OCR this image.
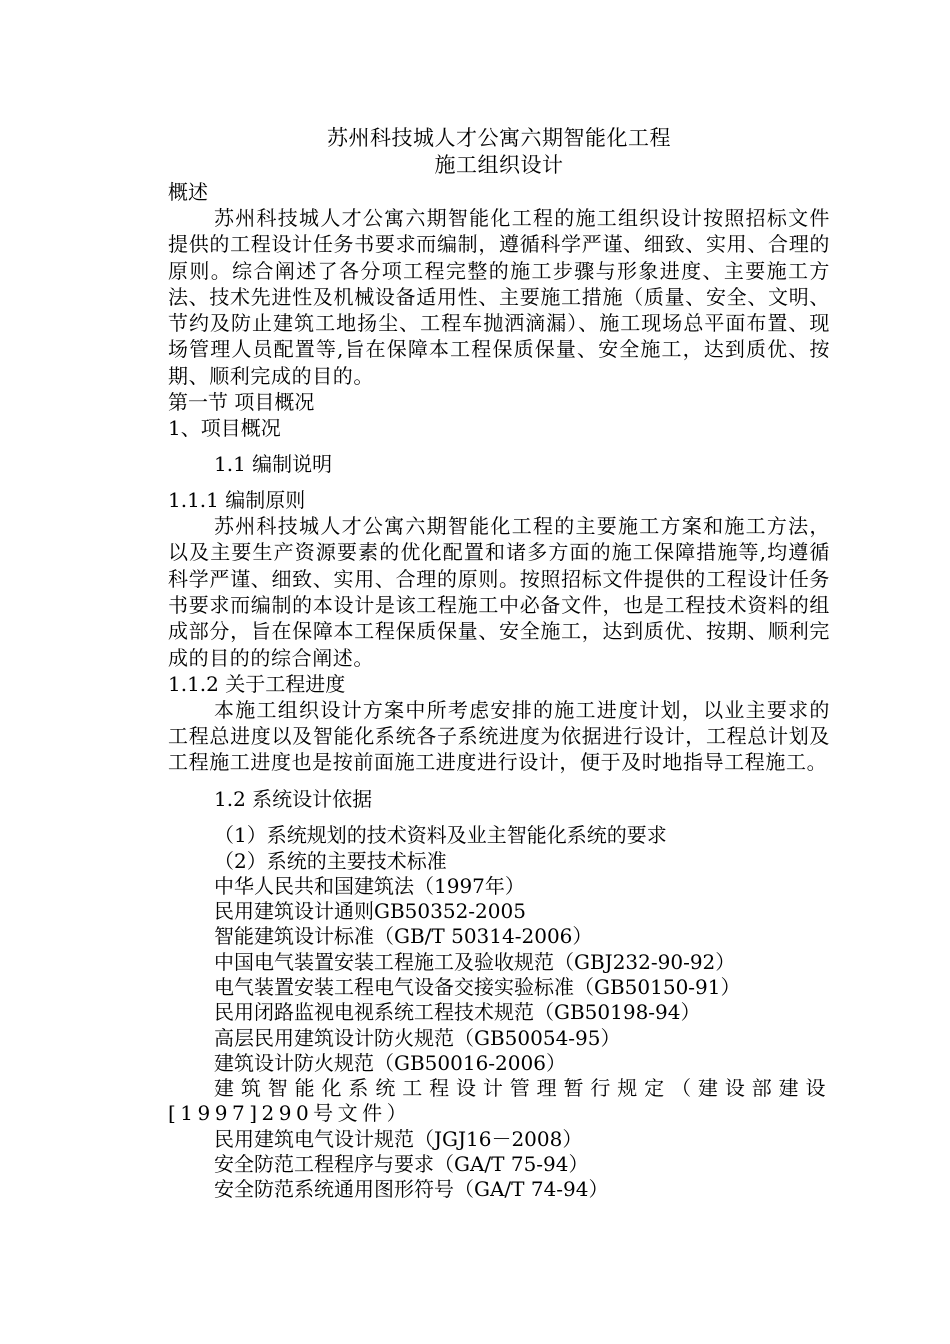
苏州科技城人才公寓六期智能化工程
施工组织设计
概述
苏州科技城人才公寓六期智能化工程的施工组织设计按照招标文件提供的工程设计任务书要求而编制，遵循科学严谨、细致、实用、合理的原则。综合阐述了各分项工程完整的施工步骤与形象进度、主要施工方法、技术先进性及机械设备适用性、主要施工措施（质量、安全、文明、节约及防止建筑工地扬尘、工程车抛洒滴漏）、施工现场总平面布置、现场管理人员配置等,旨在保障本工程保质保量、安全施工，达到质优、按期、顺利完成的目的。
第一节 项目概况
1、项目概况
1.1 编制说明
1.1.1 编制原则
苏州科技城人才公寓六期智能化工程的主要施工方案和施工方法，以及主要生产资源要素的优化配置和诸多方面的施工保障措施等,均遵循科学严谨、细致、实用、合理的原则。按照招标文件提供的工程设计任务书要求而编制的本设计是该工程施工中必备文件，也是工程技术资料的组成部分，旨在保障本工程保质保量、安全施工，达到质优、按期、顺利完成的目的的综合阐述。
1.1.2 关于工程进度
本施工组织设计方案中所考虑安排的施工进度计划，以业主要求的工程总进度以及智能化系统各子系统进度为依据进行设计，工程总计划及工程施工进度也是按前面施工进度进行设计，便于及时地指导工程施工。
1.2 系统设计依据
（1）系统规划的技术资料及业主智能化系统的要求
（2）系统的主要技术标准
中华人民共和国建筑法（1997年）
民用建筑设计通则GB50352-2005
智能建筑设计标准（GB/T 50314-2006）
中国电气装置安装工程施工及验收规范（GBJ232-90-92）
电气装置安装工程电气设备交接实验标准（GB50150-91）
民用闭路监视电视系统工程技术规范（GB50198-94）
高层民用建筑设计防火规范（GB50054-95）
建筑设计防火规范（GB50016-2006）
建筑智能化系统工程设计管理暂行规定（建设部建设[1997]290号文件）
民用建筑电气设计规范（JGJ16－2008）
安全防范工程程序与要求（GA/T 75-94）
安全防范系统通用图形符号（GA/T 74-94）
